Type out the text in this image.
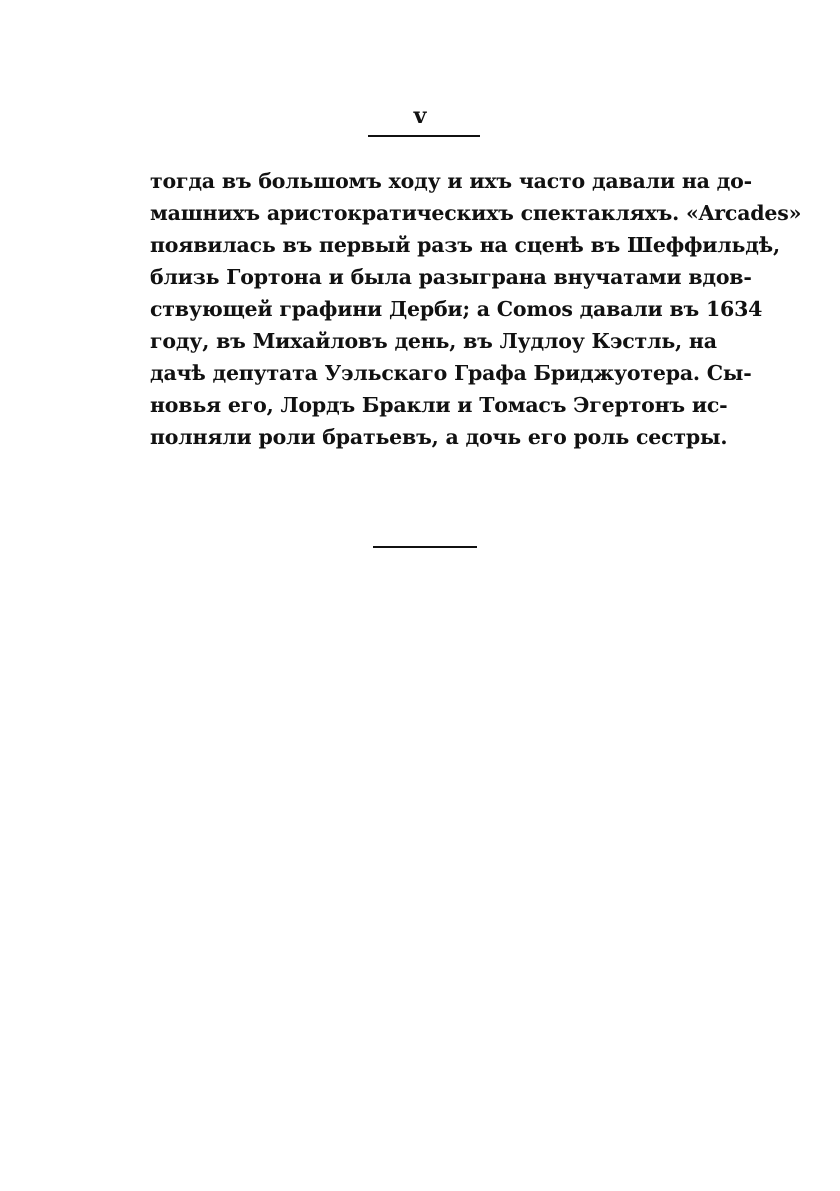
v
тогда въ большомъ ходу и ихъ часто давали на до-
машнихъ аристократическихъ спектакляхъ. «Arcades»
появилась въ первый разъ на сценѣ въ Шеффильдѣ,
близь Гортона и была разыграна внучатами вдов-
ствующей графини Дерби; а Comos давали въ 1634
году, въ Михайловъ день, въ Лудлоу Кэстль, на
дачѣ депутата Уэльскаго Графа Бриджуотера. Сы-
новья его, Лордъ Бракли и Томасъ Эгертонъ ис-
полняли роли братьевъ, а дочь его роль сестры.
